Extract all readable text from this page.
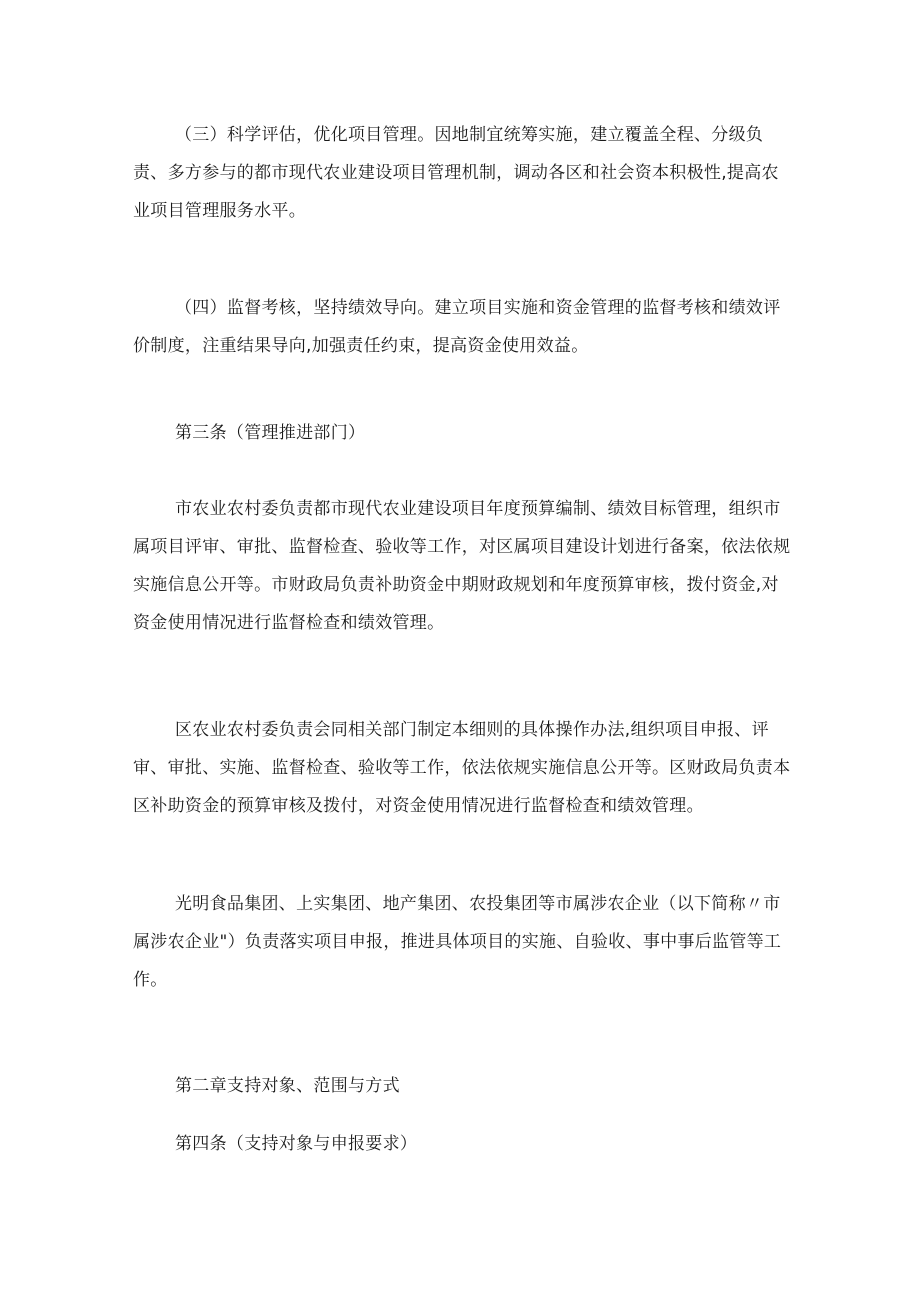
（三）科学评估，优化项目管理。因地制宜统筹实施，建立覆盖全程、分级负责、多方参与的都市现代农业建设项目管理机制，调动各区和社会资本积极性,提高农业项目管理服务水平。

（四）监督考核，坚持绩效导向。建立项目实施和资金管理的监督考核和绩效评价制度，注重结果导向,加强责任约束，提高资金使用效益。

第三条（管理推进部门）

市农业农村委负责都市现代农业建设项目年度预算编制、绩效目标管理，组织市属项目评审、审批、监督检查、验收等工作，对区属项目建设计划进行备案，依法依规实施信息公开等。市财政局负责补助资金中期财政规划和年度预算审核，拨付资金,对资金使用情况进行监督检查和绩效管理。

区农业农村委负责会同相关部门制定本细则的具体操作办法,组织项目申报、评审、审批、实施、监督检查、验收等工作，依法依规实施信息公开等。区财政局负责本区补助资金的预算审核及拨付，对资金使用情况进行监督检查和绩效管理。

光明食品集团、上实集团、地产集团、农投集团等市属涉农企业（以下简称〃市属涉农企业"）负责落实项目申报，推进具体项目的实施、自验收、事中事后监管等工作。

第二章支持对象、范围与方式

第四条（支持对象与申报要求）
